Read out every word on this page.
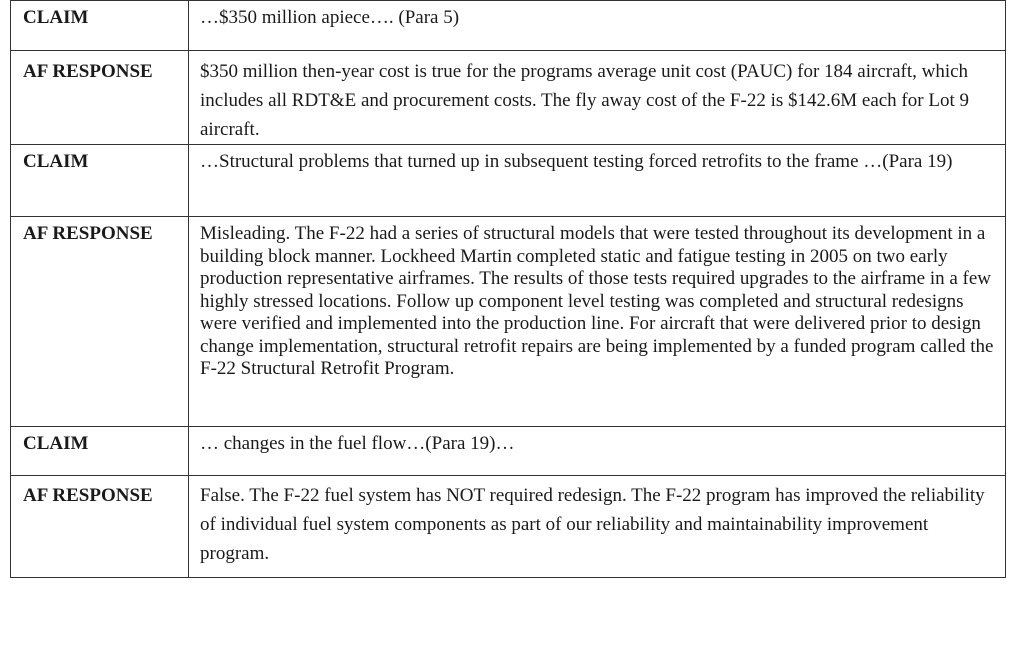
CLAIM	…$350 million apiece…. (Para 5)
AF RESPONSE	$350 million then-year cost is true for the programs average unit cost (PAUC) for 184 aircraft, which includes all RDT&E and procurement costs. The fly away cost of the F-22 is $142.6M each for Lot 9 aircraft.
CLAIM	…Structural problems that turned up in subsequent testing forced retrofits to the frame …(Para 19)
AF RESPONSE	Misleading. The F-22 had a series of structural models that were tested throughout its development in a building block manner. Lockheed Martin completed static and fatigue testing in 2005 on two early production representative airframes. The results of those tests required upgrades to the airframe in a few highly stressed locations. Follow up component level testing was completed and structural redesigns were verified and implemented into the production line. For aircraft that were delivered prior to design change implementation, structural retrofit repairs are being implemented by a funded program called the F-22 Structural Retrofit Program.
CLAIM	… changes in the fuel flow…(Para 19)…
AF RESPONSE	False. The F-22 fuel system has NOT required redesign. The F-22 program has improved the reliability of individual fuel system components as part of our reliability and maintainability improvement program.
